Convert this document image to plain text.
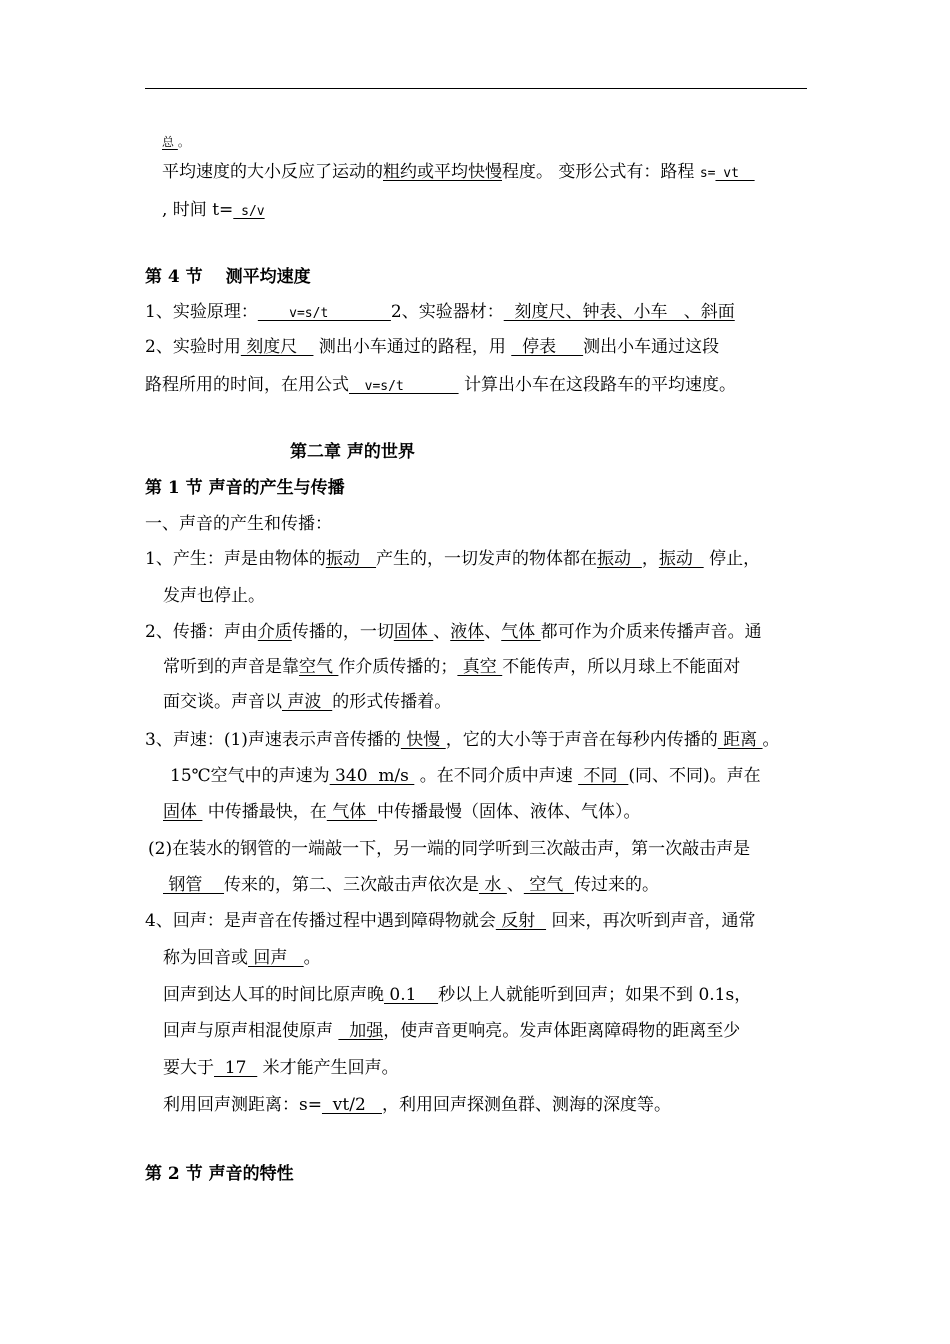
总 。
平均速度的大小反应了运动的粗约或平均快慢程度。 变形公式有：路程 s= vt
, 时间 t= s/v
第 4 节　 测平均速度
1、实验原理：    v=s/t        2、实验器材：  刻度尺、钟表、小车   、斜面
2、实验时用 刻度尺    测出小车通过的路程，用   停表     测出小车通过这段
路程所用的时间，在用公式  v=s/t        计算出小车在这段路车的平均速度。
第二章 声的世界
第 1 节 声音的产生与传播
一、声音的产生和传播：
1、产生：声是由物体的振动   产生的，一切发声的物体都在振动  ，振动   停止，
发声也停止。
2、传播：声由介质传播的，一切固体 、液体、气体 都可作为介质来传播声音。通
常听到的声音是靠空气 作介质传播的； 真空 不能传声，所以月球上不能面对
面交谈。声音以 声波  的形式传播着。
3、声速：(1)声速表示声音传播的 快慢 ，它的大小等于声音在每秒内传播的 距离 。
15℃空气中的声速为 340  m/s  。在不同介质中声速  不同  (同、不同)。声在
固体  中传播最快，在 气体  中传播最慢（固体、液体、气体）。
(2)在装水的钢管的一端敲一下，另一端的同学听到三次敲击声，第一次敲击声是
钢管    传来的，第二、三次敲击声依次是 水 、 空气  传过来的。
4、回声：是声音在传播过程中遇到障碍物就会 反射   回来，再次听到声音，通常
称为回音或 回声   。
回声到达人耳的时间比原声晚 0.1    秒以上人就能听到回声；如果不到 0.1s，
回声与原声相混使原声   加强，使声音更响亮。发声体距离障碍物的距离至少
要大于  17   米才能产生回声。
利用回声测距离：s=  vt/2   ，利用回声探测鱼群、测海的深度等。
第 2 节 声音的特性
